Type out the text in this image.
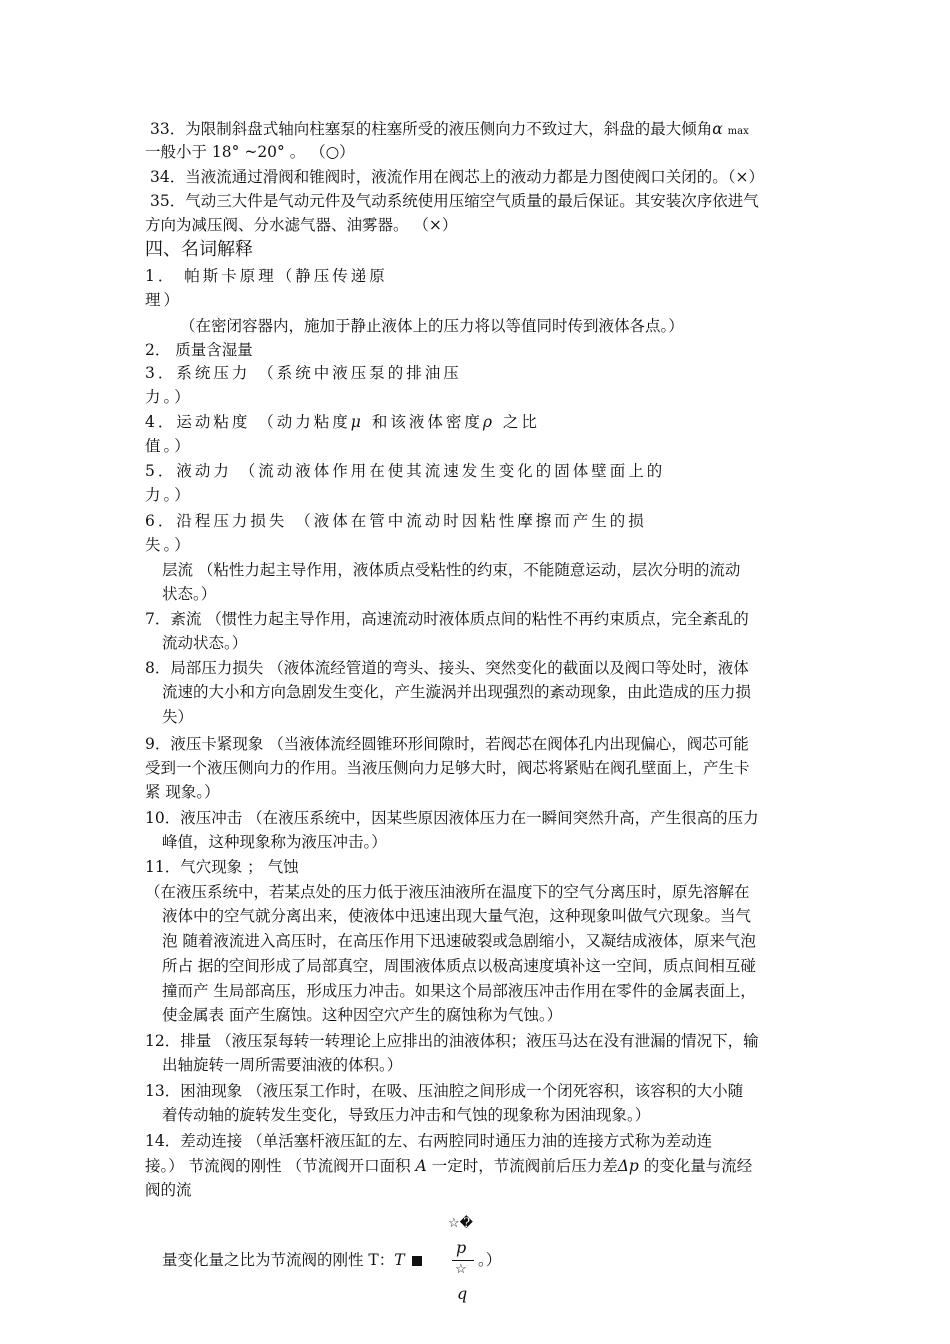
33．为限制斜盘式轴向柱塞泵的柱塞所受的液压侧向力不致过大，斜盘的最大倾角α max
一般小于 18° ~20° 。 （○）
34．当液流通过滑阀和锥阀时，液流作用在阀芯上的液动力都是力图使阀口关闭的。（×）
35．气动三大件是气动元件及气动系统使用压缩空气质量的最后保证。其安装次序依进气
方向为减压阀、分水滤气器、油雾器。 （×）
四、名词解释
1． 帕斯卡原理（静压传递原
理）
（在密闭容器内，施加于静止液体上的压力将以等值同时传到液体各点。）
2． 质量含湿量
3．系统压力 （系统中液压泵的排油压
力。）
4．运动粘度 （动力粘度μ 和该液体密度ρ 之比
值。）
5．液动力 （流动液体作用在使其流速发生变化的固体壁面上的
力。）
6．沿程压力损失 （液体在管中流动时因粘性摩擦而产生的损
失。）
层流 （粘性力起主导作用，液体质点受粘性的约束，不能随意运动，层次分明的流动
状态。）
7．紊流 （惯性力起主导作用，高速流动时液体质点间的粘性不再约束质点，完全紊乱的
流动状态。）
8．局部压力损失 （液体流经管道的弯头、接头、突然变化的截面以及阀口等处时，液体
流速的大小和方向急剧发生变化，产生漩涡并出现强烈的紊动现象，由此造成的压力损
失）
9．液压卡紧现象 （当液体流经圆锥环形间隙时，若阀芯在阀体孔内出现偏心，阀芯可能
受到一个液压侧向力的作用。当液压侧向力足够大时，阀芯将紧贴在阀孔壁面上，产生卡
紧 现象。）
10．液压冲击 （在液压系统中，因某些原因液体压力在一瞬间突然升高，产生很高的压力
峰值，这种现象称为液压冲击。）
11．气穴现象 ； 气蚀
（在液压系统中，若某点处的压力低于液压油液所在温度下的空气分离压时，原先溶解在
液体中的空气就分离出来，使液体中迅速出现大量气泡，这种现象叫做气穴现象。当气
泡 随着液流进入高压时，在高压作用下迅速破裂或急剧缩小，又凝结成液体，原来气泡
所占 据的空间形成了局部真空，周围液体质点以极高速度填补这一空间，质点间相互碰
撞而产 生局部高压，形成压力冲击。如果这个局部液压冲击作用在零件的金属表面上，
使金属表 面产生腐蚀。这种因空穴产生的腐蚀称为气蚀。）
12．排量 （液压泵每转一转理论上应排出的油液体积；液压马达在没有泄漏的情况下，输
出轴旋转一周所需要油液的体积。）
13．困油现象 （液压泵工作时，在吸、压油腔之间形成一个闭死容积，该容积的大小随
着传动轴的旋转发生变化，导致压力冲击和气蚀的现象称为困油现象。）
14．差动连接 （单活塞杆液压缸的左、右两腔同时通压力油的连接方式称为差动连
接。） 节流阀的刚性 （节流阀开口面积 A 一定时，节流阀前后压力差Δp 的变化量与流经
阀的流
☆�
p
☆
q
量变化量之比为节流阀的刚性 T：T	。）
